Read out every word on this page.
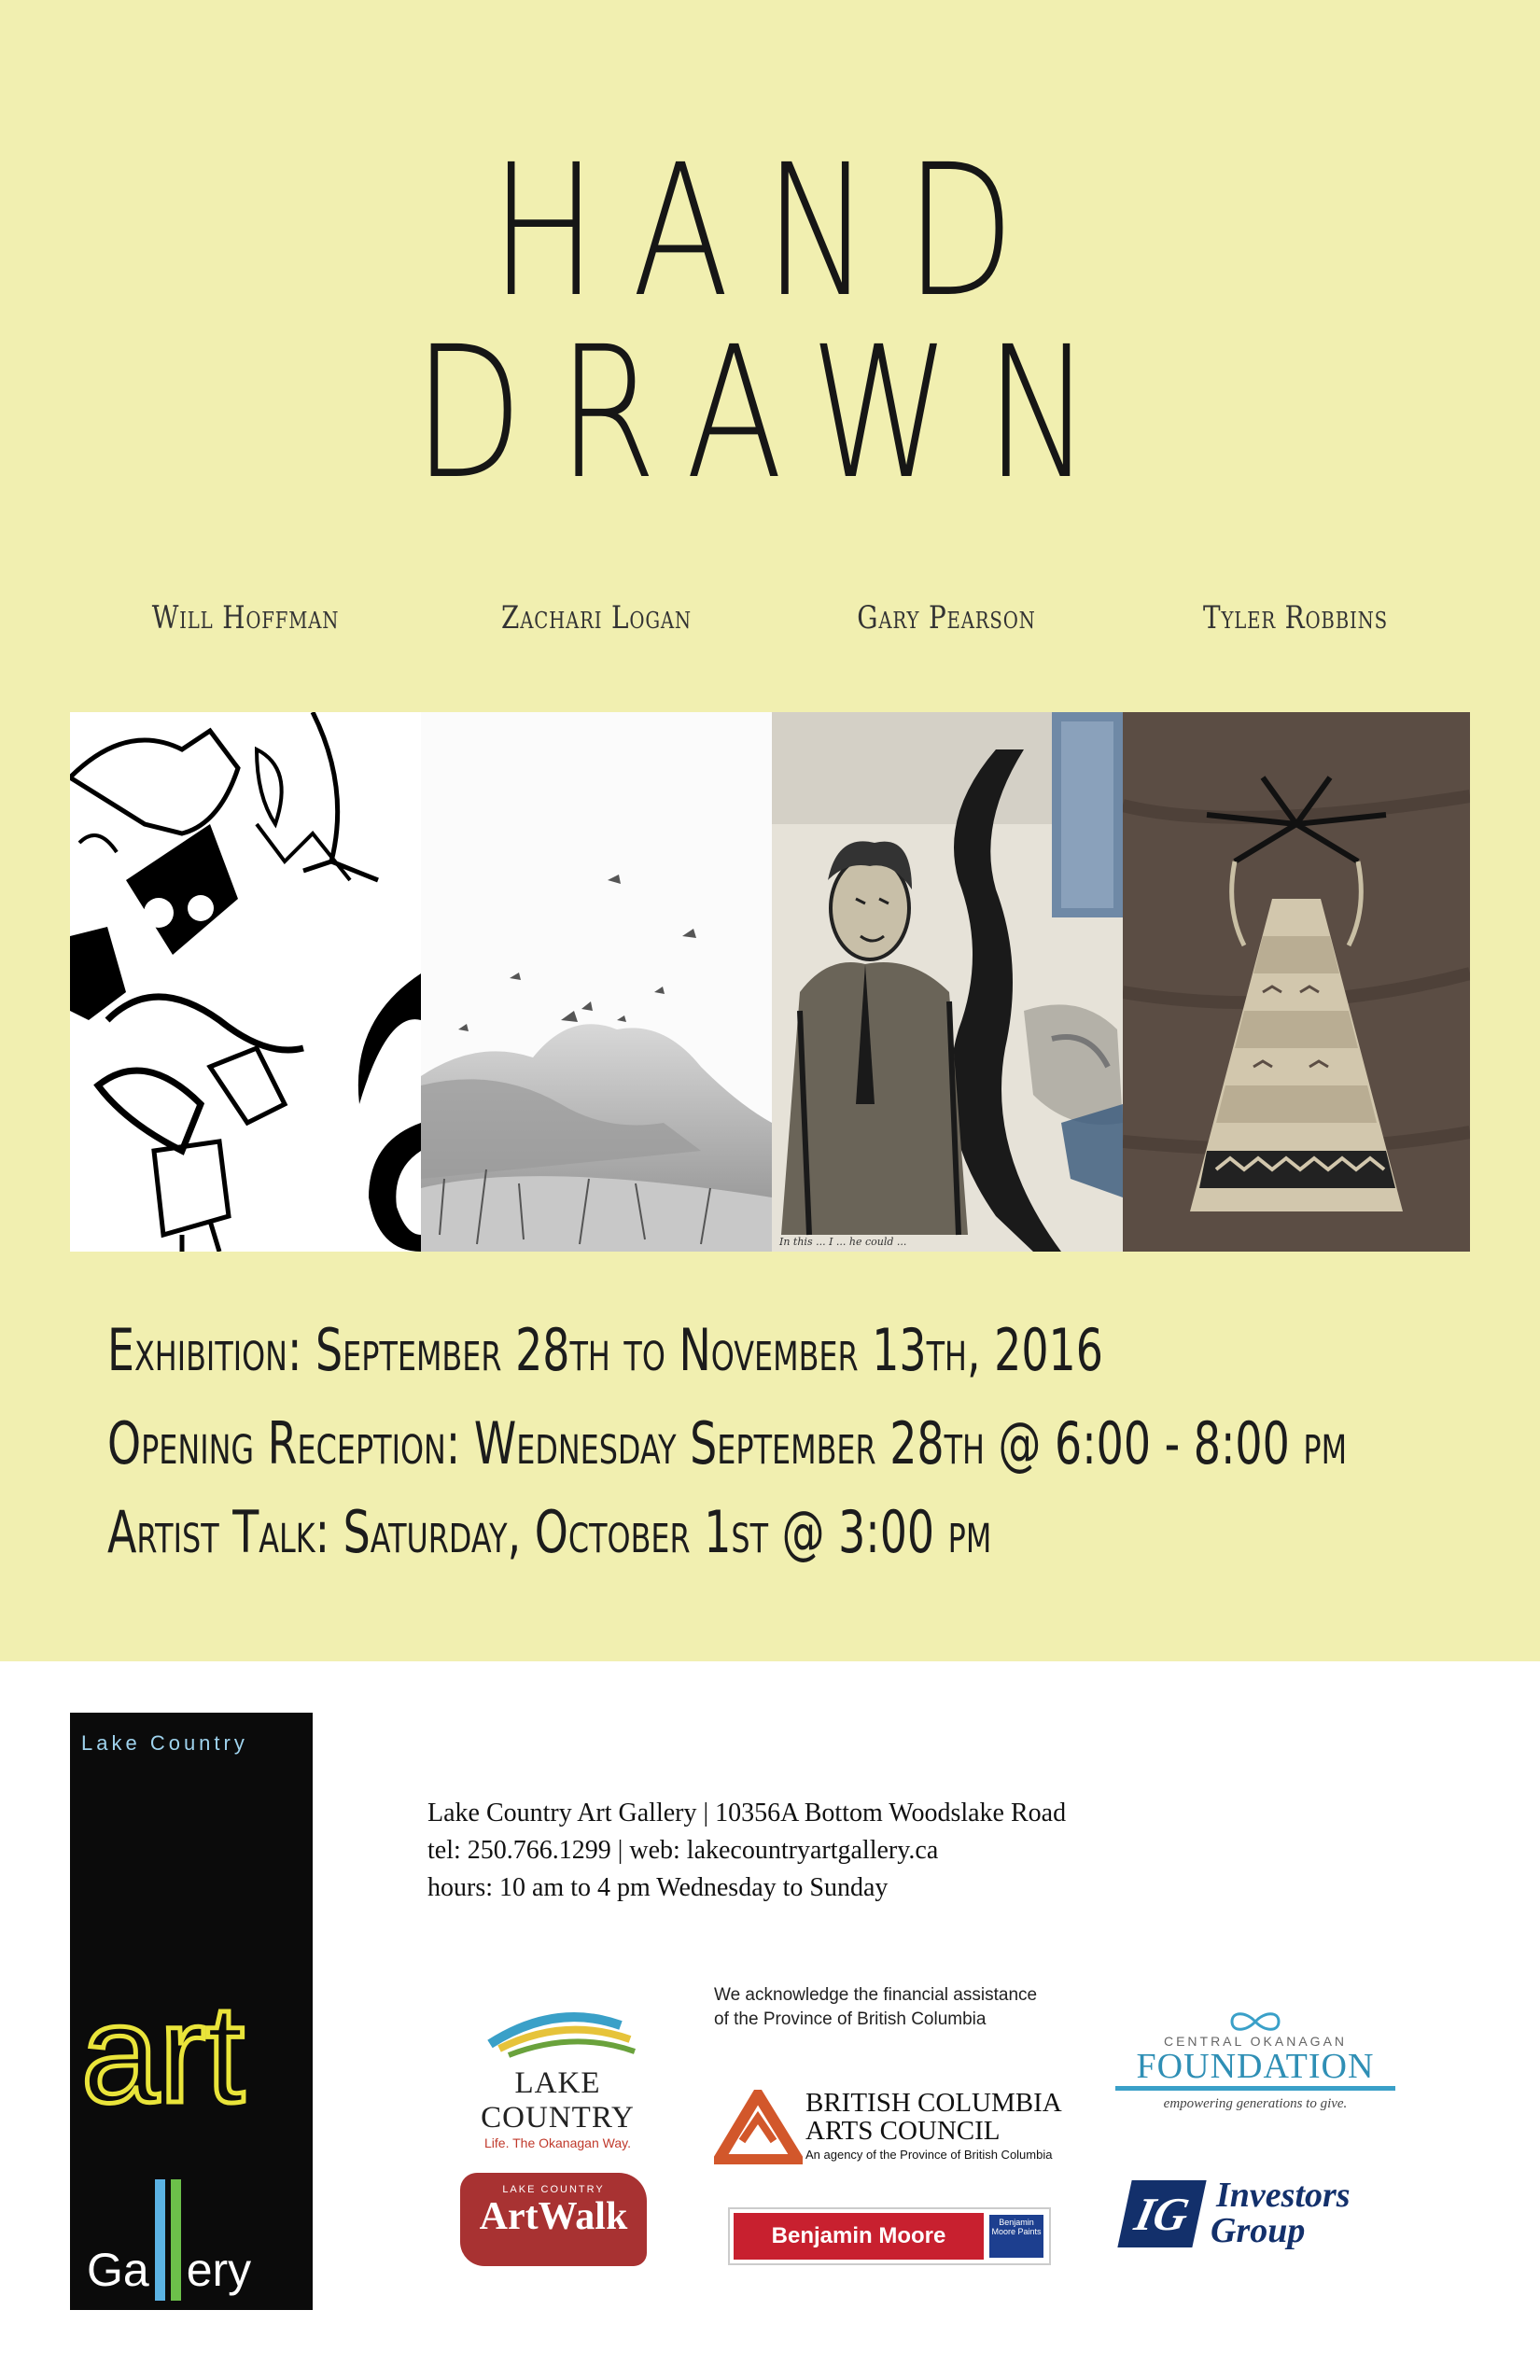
HAND DRAWN
Will Hoffman	Zachari Logan	Gary Pearson	Tyler Robbins
In this ... I ... he could ...
Exhibition: September 28th to November 13th, 2016
Opening Reception: Wednesday September 28th @ 6:00 - 8:00 pm
Artist Talk: Saturday, October 1st @ 3:00 pm
Lake Country
art
Ga ery
Lake Country Art Gallery | 10356A Bottom Woodslake Road
tel: 250.766.1299 | web: lakecountryartgallery.ca
hours: 10 am to 4 pm Wednesday to Sunday
We acknowledge the financial assistance
of the Province of British Columbia
LAKE COUNTRY
Life. The Okanagan Way.
BRITISH COLUMBIA
ARTS COUNCIL
An agency of the Province of British Columbia
CENTRAL OKANAGAN
FOUNDATION
empowering generations to give.
LAKE COUNTRY
ArtWalk	Benjamin Moore
Benjamin Moore Paints IG Investors
Group
